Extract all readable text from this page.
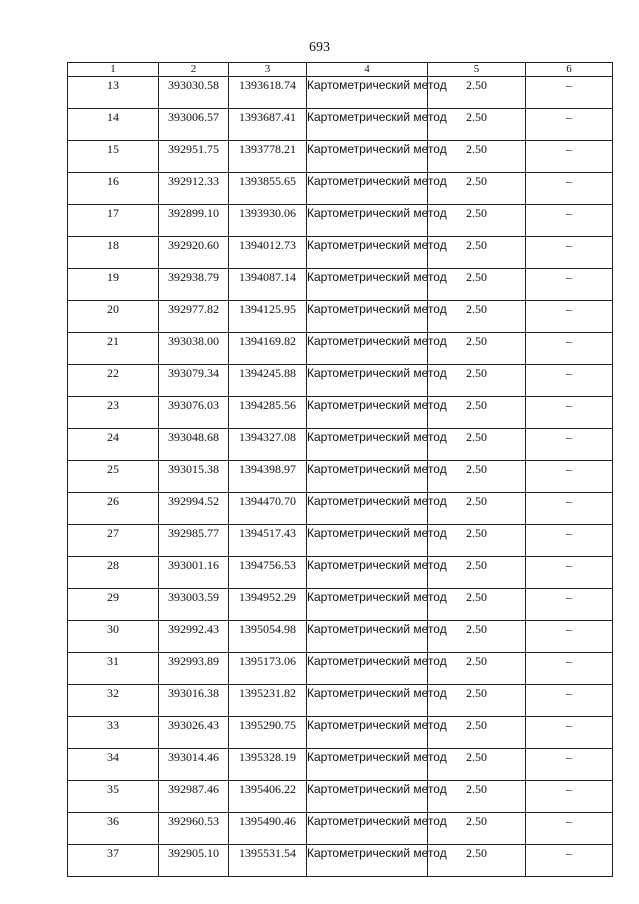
693
1	2	3	4	5	6
13	393030.58	1393618.74	Картометрический метод	2.50	–
14	393006.57	1393687.41	Картометрический метод	2.50	–
15	392951.75	1393778.21	Картометрический метод	2.50	–
16	392912.33	1393855.65	Картометрический метод	2.50	–
17	392899.10	1393930.06	Картометрический метод	2.50	–
18	392920.60	1394012.73	Картометрический метод	2.50	–
19	392938.79	1394087.14	Картометрический метод	2.50	–
20	392977.82	1394125.95	Картометрический метод	2.50	–
21	393038.00	1394169.82	Картометрический метод	2.50	–
22	393079.34	1394245.88	Картометрический метод	2.50	–
23	393076.03	1394285.56	Картометрический метод	2.50	–
24	393048.68	1394327.08	Картометрический метод	2.50	–
25	393015.38	1394398.97	Картометрический метод	2.50	–
26	392994.52	1394470.70	Картометрический метод	2.50	–
27	392985.77	1394517.43	Картометрический метод	2.50	–
28	393001.16	1394756.53	Картометрический метод	2.50	–
29	393003.59	1394952.29	Картометрический метод	2.50	–
30	392992.43	1395054.98	Картометрический метод	2.50	–
31	392993.89	1395173.06	Картометрический метод	2.50	–
32	393016.38	1395231.82	Картометрический метод	2.50	–
33	393026.43	1395290.75	Картометрический метод	2.50	–
34	393014.46	1395328.19	Картометрический метод	2.50	–
35	392987.46	1395406.22	Картометрический метод	2.50	–
36	392960.53	1395490.46	Картометрический метод	2.50	–
37	392905.10	1395531.54	Картометрический метод	2.50	–
